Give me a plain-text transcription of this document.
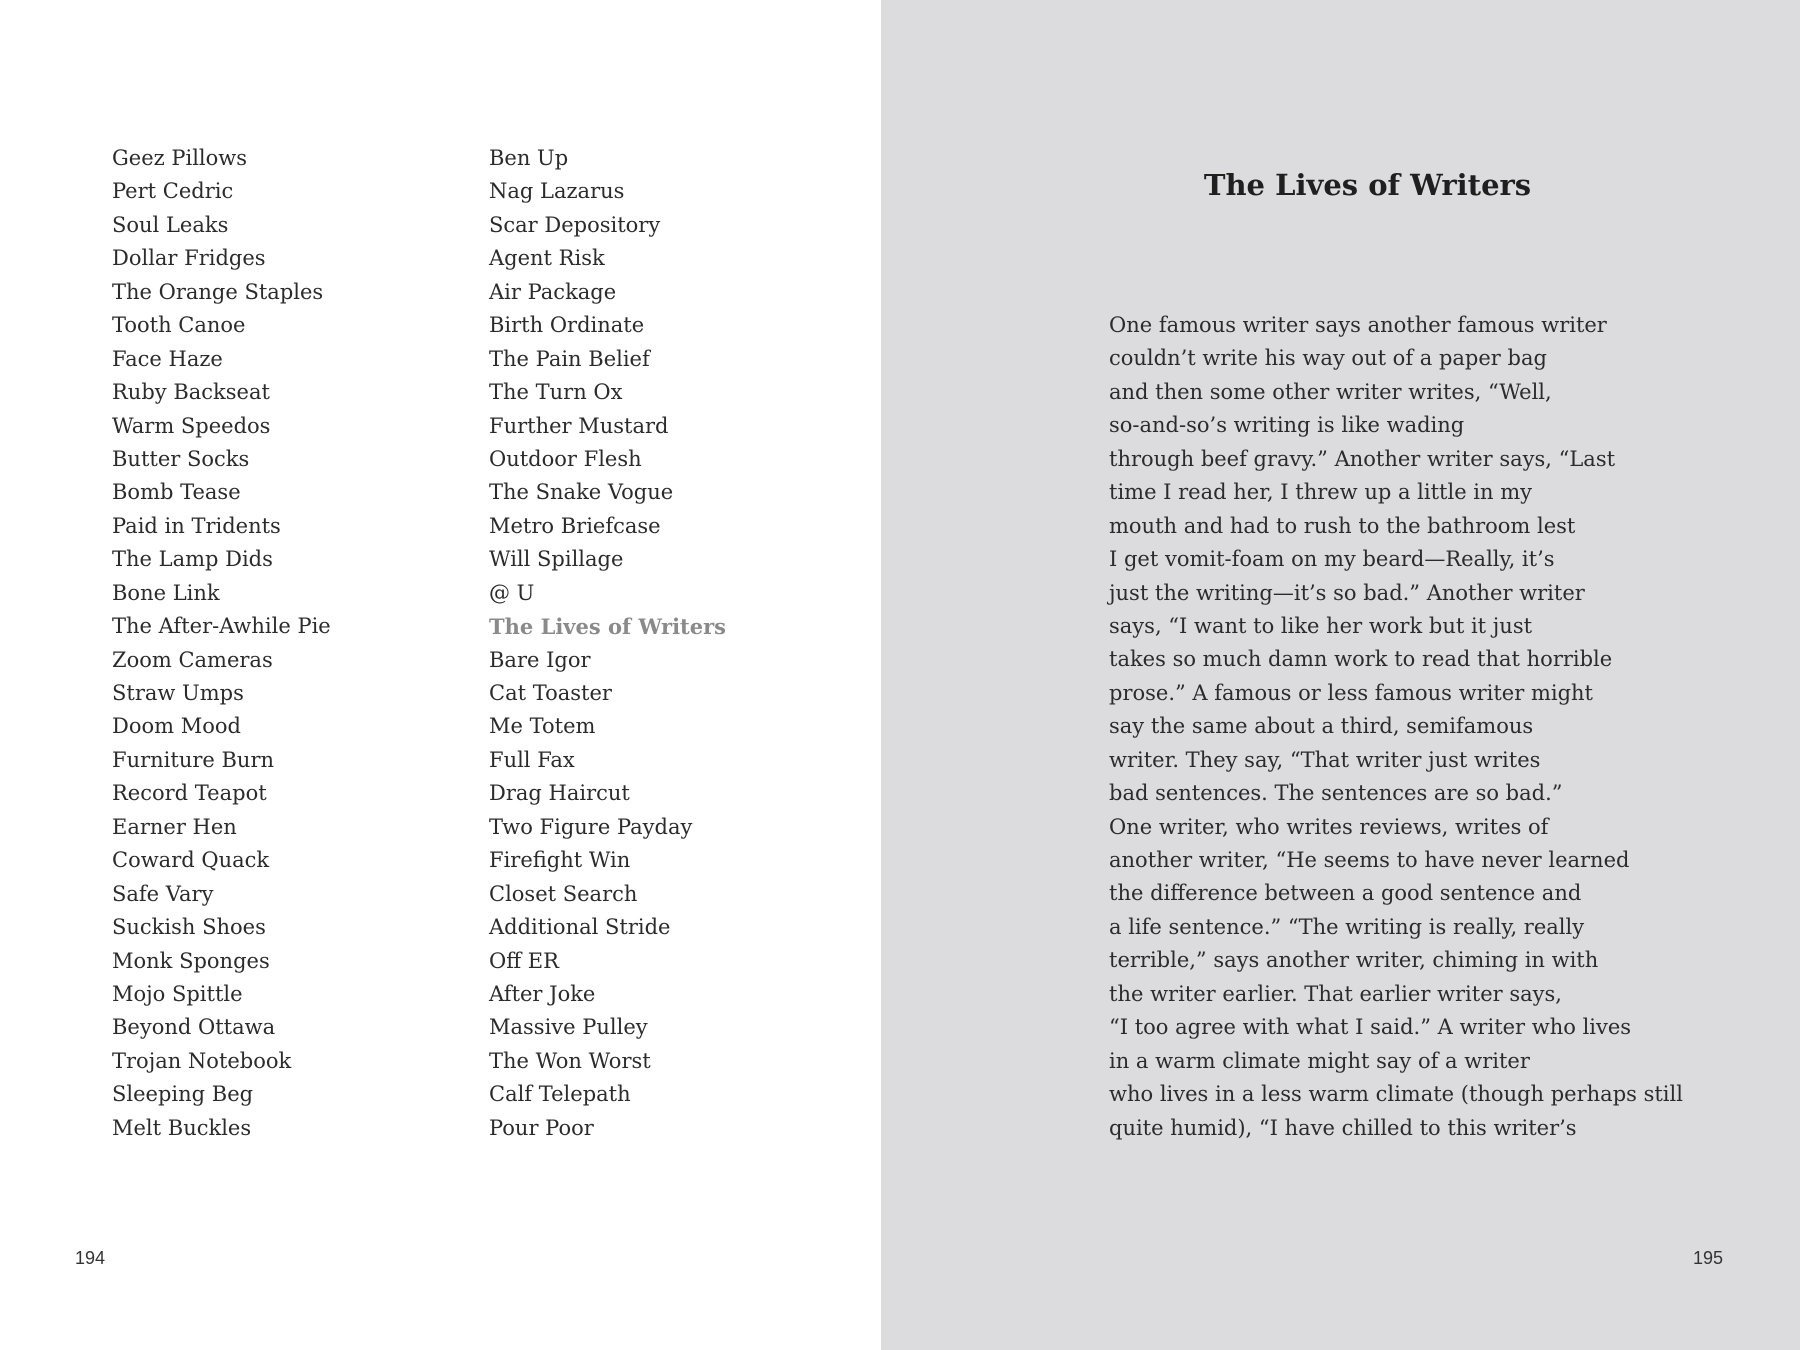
Geez Pillows
Pert Cedric
Soul Leaks
Dollar Fridges
The Orange Staples
Tooth Canoe
Face Haze
Ruby Backseat
Warm Speedos
Butter Socks
Bomb Tease
Paid in Tridents
The Lamp Dids
Bone Link
The After-Awhile Pie
Zoom Cameras
Straw Umps
Doom Mood
Furniture Burn
Record Teapot
Earner Hen
Coward Quack
Safe Vary
Suckish Shoes
Monk Sponges
Mojo Spittle
Beyond Ottawa
Trojan Notebook
Sleeping Beg
Melt Buckles
Ben Up
Nag Lazarus
Scar Depository
Agent Risk
Air Package
Birth Ordinate
The Pain Belief
The Turn Ox
Further Mustard
Outdoor Flesh
The Snake Vogue
Metro Briefcase
Will Spillage
@ U
The Lives of Writers
Bare Igor
Cat Toaster
Me Totem
Full Fax
Drag Haircut
Two Figure Payday
Firefight Win
Closet Search
Additional Stride
Off ER
After Joke
Massive Pulley
The Won Worst
Calf Telepath
Pour Poor
194
The Lives of Writers
One famous writer says another famous writer
couldn’t write his way out of a paper bag
and then some other writer writes, “Well,
so-and-so’s writing is like wading
through beef gravy.” Another writer says, “Last
time I read her, I threw up a little in my
mouth and had to rush to the bathroom lest
I get vomit-foam on my beard—Really, it’s
just the writing—it’s so bad.” Another writer
says, “I want to like her work but it just
takes so much damn work to read that horrible
prose.” A famous or less famous writer might
say the same about a third, semifamous
writer. They say, “That writer just writes
bad sentences. The sentences are so bad.”
One writer, who writes reviews, writes of
another writer, “He seems to have never learned
the difference between a good sentence and
a life sentence.” “The writing is really, really
terrible,” says another writer, chiming in with
the writer earlier. That earlier writer says,
“I too agree with what I said.” A writer who lives
in a warm climate might say of a writer
who lives in a less warm climate (though perhaps still
quite humid), “I have chilled to this writer’s
195
